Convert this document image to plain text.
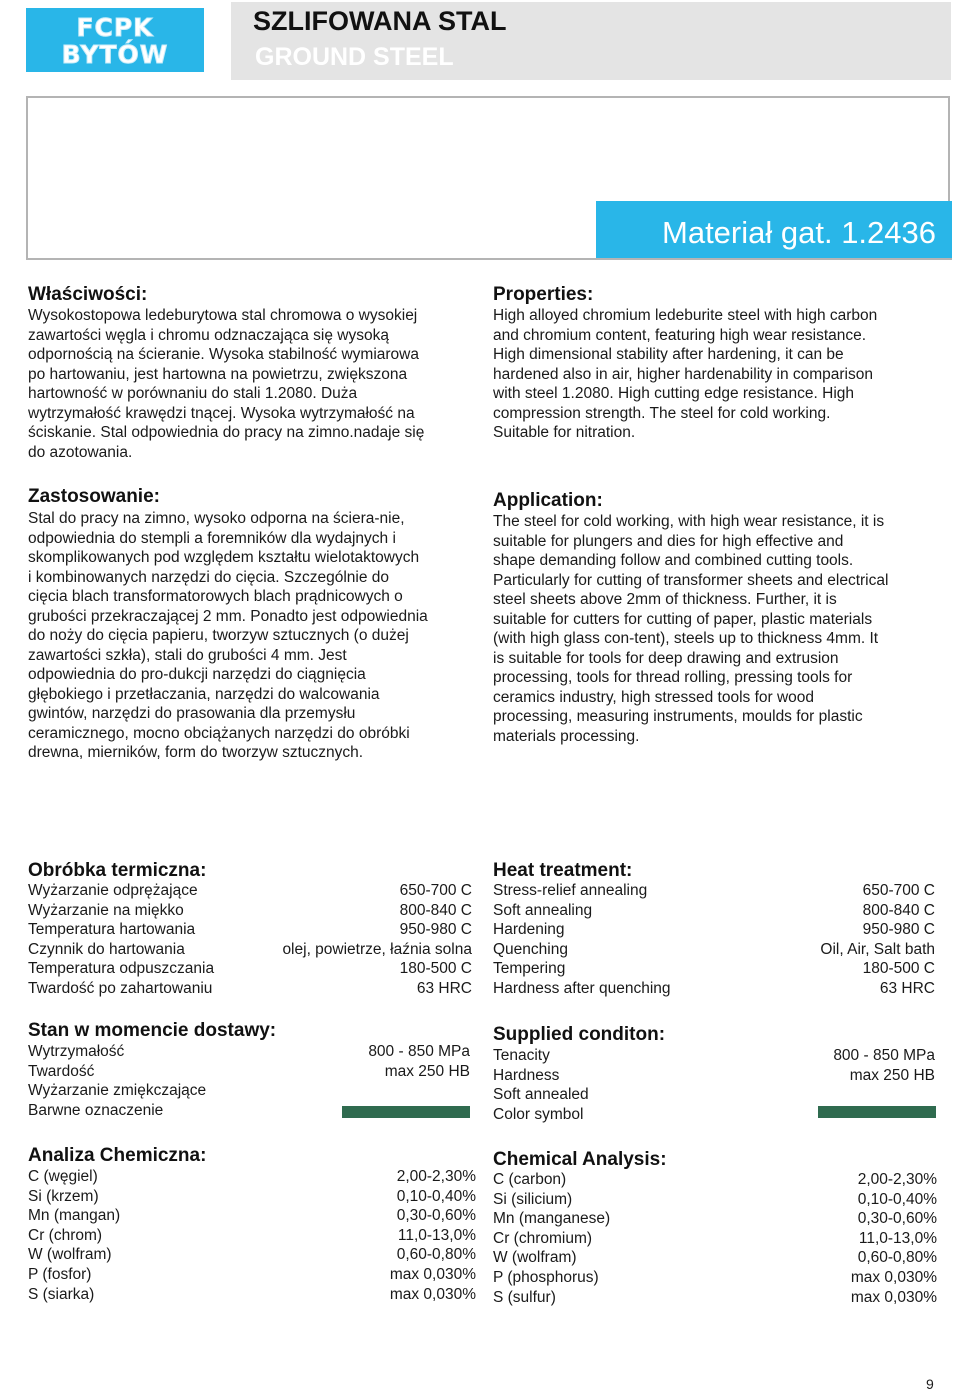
FCPK
BYTÓW
SZLIFOWANA STAL
GROUND STEEL
Materiał gat. 1.2436
Właściwości:
Wysokostopowa ledeburytowa stal chromowa o wysokiej
zawartości węgla i chromu odznaczająca się wysoką
odpornością na ścieranie. Wysoka stabilność wymiarowa
po hartowaniu, jest hartowna na powietrzu, zwiększona
hartowność w porównaniu do stali 1.2080. Duża
wytrzymałość krawędzi tnącej. Wysoka wytrzymałość na
ściskanie. Stal odpowiednia do pracy na zimno.nadaje się
do azotowania.
Zastosowanie:
Stal do pracy na zimno, wysoko odporna na ściera-nie,
odpowiednia do stempli a foremników dla wydajnych i
skomplikowanych pod względem kształtu wielotaktowych
i kombinowanych narzędzi do cięcia. Szczególnie do
cięcia blach transformatorowych blach prądnicowych o
grubości przekraczającej 2 mm. Ponadto jest odpowiednia
do noży do cięcia papieru, tworzyw sztucznych (o dużej
zawartości szkła), stali do grubości 4 mm. Jest
odpowiednia do pro-dukcji narzędzi do ciągnięcia
głębokiego i przetłaczania, narzędzi do walcowania
gwintów, narzędzi do prasowania dla przemysłu
ceramicznego, mocno obciążanych narzędzi do obróbki
drewna, mierników, form do tworzyw sztucznych.
Properties:
High alloyed chromium ledeburite steel with high carbon
and chromium content, featuring high wear resistance.
High dimensional stability after hardening, it can be
hardened also in air, higher hardenability in comparison
with steel 1.2080. High cutting edge resistance. High
compression strength. The steel for cold working.
Suitable for nitration.
Application:
The steel for cold working, with high wear resistance, it is
suitable for plungers and dies for high effective and
shape demanding follow and combined cutting tools.
Particularly for cutting of transformer sheets and electrical
steel sheets above 2mm of thickness. Further, it is
suitable for cutters for cutting of paper, plastic materials
(with high glass con-tent), steels up to thickness 4mm. It
is suitable for tools for deep drawing and extrusion
processing, tools for thread rolling, pressing tools for
ceramics industry, high stressed tools for wood
processing, measuring instruments, moulds for plastic
materials processing.
Obróbka termiczna:
Wyżarzanie odprężające	650-700 C
Wyżarzanie na miękko	800-840 C
Temperatura hartowania	950-980 C
Czynnik do hartowania	olej, powietrze, łaźnia solna
Temperatura odpuszczania	180-500 C
Twardość po zahartowaniu	63 HRC
Heat treatment:
Stress-relief annealing	650-700 C
Soft annealing	800-840 C
Hardening	950-980 C
Quenching	Oil, Air, Salt bath
Tempering	180-500 C
Hardness after quenching	63 HRC
Stan w momencie dostawy:
Wytrzymałość	800 - 850 MPa
Twardość	max 250 HB
Wyżarzanie zmiękczające
Barwne oznaczenie
Supplied conditon:
Tenacity	800 - 850 MPa
Hardness	max 250 HB
Soft annealed
Color symbol
Analiza Chemiczna:
C (węgiel)	2,00-2,30%
Si (krzem)	0,10-0,40%
Mn (mangan)	0,30-0,60%
Cr (chrom)	11,0-13,0%
W (wolfram)	0,60-0,80%
P (fosfor)	max 0,030%
S (siarka)	max 0,030%
Chemical Analysis:
C (carbon)	2,00-2,30%
Si (silicium)	0,10-0,40%
Mn (manganese)	0,30-0,60%
Cr (chromium)	11,0-13,0%
W (wolfram)	0,60-0,80%
P (phosphorus)	max 0,030%
S (sulfur)	max 0,030%
9
